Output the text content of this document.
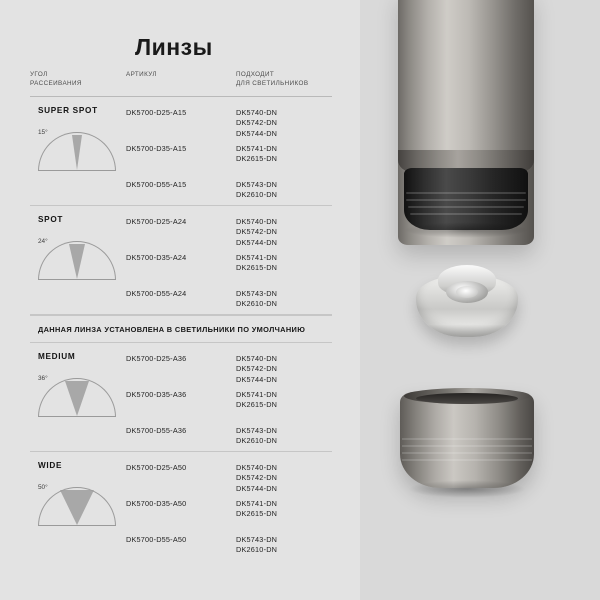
Линзы
УГОЛ
РАССЕИВАНИЯ
АРТИКУЛ	ПОДХОДИТ
ДЛЯ СВЕТИЛЬНИКОВ
SUPER SPOT
15°
DK5700-D25-A15	DK5740-DN
DK5742-DN
DK5744-DN
DK5700-D35-A15	DK5741-DN
DK2615-DN
DK5700-D55-A15	DK5743-DN
DK2610-DN
SPOT
24°
DK5700-D25-A24	DK5740-DN
DK5742-DN
DK5744-DN
DK5700-D35-A24	DK5741-DN
DK2615-DN
DK5700-D55-A24	DK5743-DN
DK2610-DN
ДАННАЯ ЛИНЗА УСТАНОВЛЕНА В СВЕТИЛЬНИКИ ПО УМОЛЧАНИЮ
MEDIUM
36°
DK5700-D25-A36	DK5740-DN
DK5742-DN
DK5744-DN
DK5700-D35-A36	DK5741-DN
DK2615-DN
DK5700-D55-A36	DK5743-DN
DK2610-DN
WIDE
50°
DK5700-D25-A50	DK5740-DN
DK5742-DN
DK5744-DN
DK5700-D35-A50	DK5741-DN
DK2615-DN
DK5700-D55-A50	DK5743-DN
DK2610-DN
